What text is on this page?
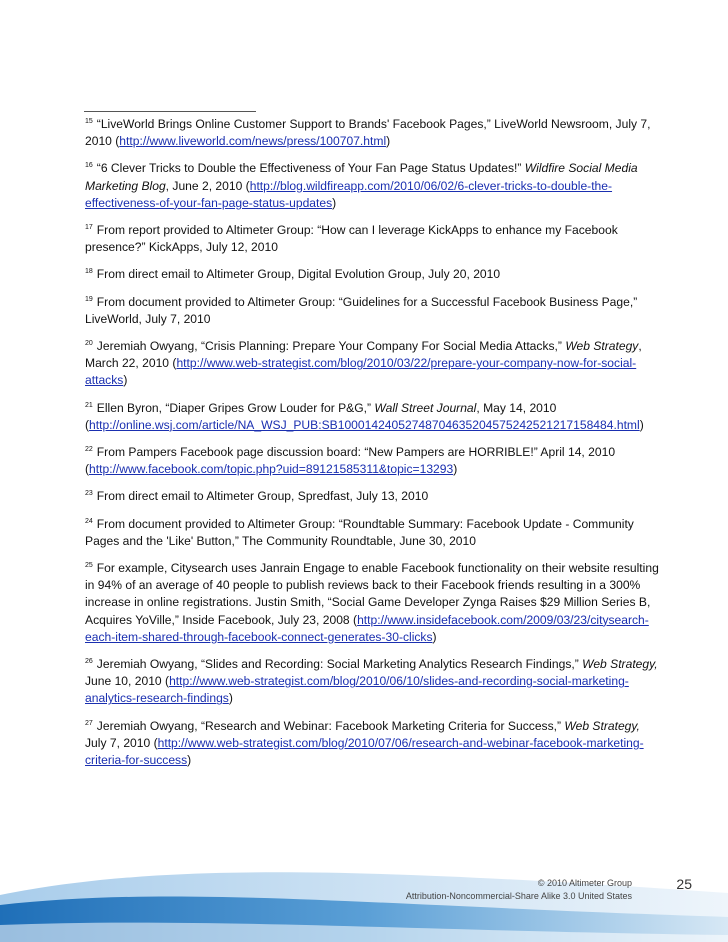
$^{15}$ “LiveWorld Brings Online Customer Support to Brands' Facebook Pages,” LiveWorld Newsroom, July 7, 2010 (http://www.liveworld.com/news/press/100707.html)

$^{16}$ “6 Clever Tricks to Double the Effectiveness of Your Fan Page Status Updates!” Wildfire Social Media Marketing Blog, June 2, 2010 (http://blog.wildfireapp.com/2010/06/02/6-clever-tricks-to-double-the-effectiveness-of-your-fan-page-status-updates)

$^{17}$ From report provided to Altimeter Group: “How can I leverage KickApps to enhance my Facebook presence?” KickApps, July 12, 2010

$^{18}$ From direct email to Altimeter Group, Digital Evolution Group, July 20, 2010

$^{19}$ From document provided to Altimeter Group: “Guidelines for a Successful Facebook Business Page,” LiveWorld, July 7, 2010

$^{20}$ Jeremiah Owyang, “Crisis Planning: Prepare Your Company For Social Media Attacks,” Web Strategy, March 22, 2010 (http://www.web-strategist.com/blog/2010/03/22/prepare-your-company-now-for-social-attacks)

$^{21}$ Ellen Byron, “Diaper Gripes Grow Louder for P&G,” Wall Street Journal, May 14, 2010 (http://online.wsj.com/article/NA_WSJ_PUB:SB10001424052748704635204575242521217158484.html)

$^{22}$ From Pampers Facebook page discussion board: “New Pampers are HORRIBLE!” April 14, 2010 (http://www.facebook.com/topic.php?uid=89121585311&topic=13293)

$^{23}$ From direct email to Altimeter Group, Spredfast, July 13, 2010

$^{24}$ From document provided to Altimeter Group: “Roundtable Summary: Facebook Update - Community Pages and the 'Like' Button,” The Community Roundtable, June 30, 2010

$^{25}$ For example, Citysearch uses Janrain Engage to enable Facebook functionality on their website resulting in 94% of an average of 40 people to publish reviews back to their Facebook friends resulting in a 300% increase in online registrations. Justin Smith, “Social Game Developer Zynga Raises $29 Million Series B, Acquires YoVille,” Inside Facebook, July 23, 2008 (http://www.insidefacebook.com/2009/03/23/citysearch-each-item-shared-through-facebook-connect-generates-30-clicks)

$^{26}$ Jeremiah Owyang, “Slides and Recording: Social Marketing Analytics Research Findings,” Web Strategy, June 10, 2010 (http://www.web-strategist.com/blog/2010/06/10/slides-and-recording-social-marketing-analytics-research-findings)

$^{27}$ Jeremiah Owyang, “Research and Webinar: Facebook Marketing Criteria for Success,” Web Strategy, July 7, 2010 (http://www.web-strategist.com/blog/2010/07/06/research-and-webinar-facebook-marketing-criteria-for-success)

© 2010 Altimeter Group
Attribution-Noncommercial-Share Alike 3.0 United States
25
